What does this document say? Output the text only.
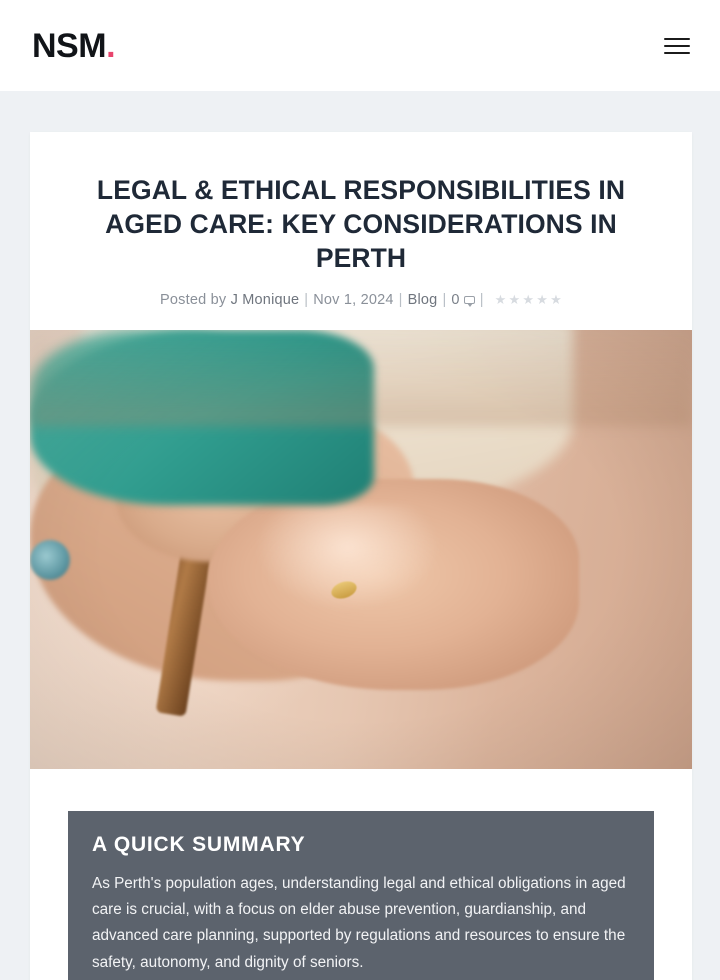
NSM .
LEGAL & ETHICAL RESPONSIBILITIES IN AGED CARE: KEY CONSIDERATIONS IN PERTH
Posted by
J Monique | Nov 1, 2024 | Blog | 0 | ★ ★ ★ ★ ★
A QUICK SUMMARY

As Perth's population ages, understanding legal and ethical obligations in aged care is crucial, with a focus on elder abuse prevention, guardianship, and advanced care planning, supported by regulations and resources to ensure the safety, autonomy, and dignity of seniors.
